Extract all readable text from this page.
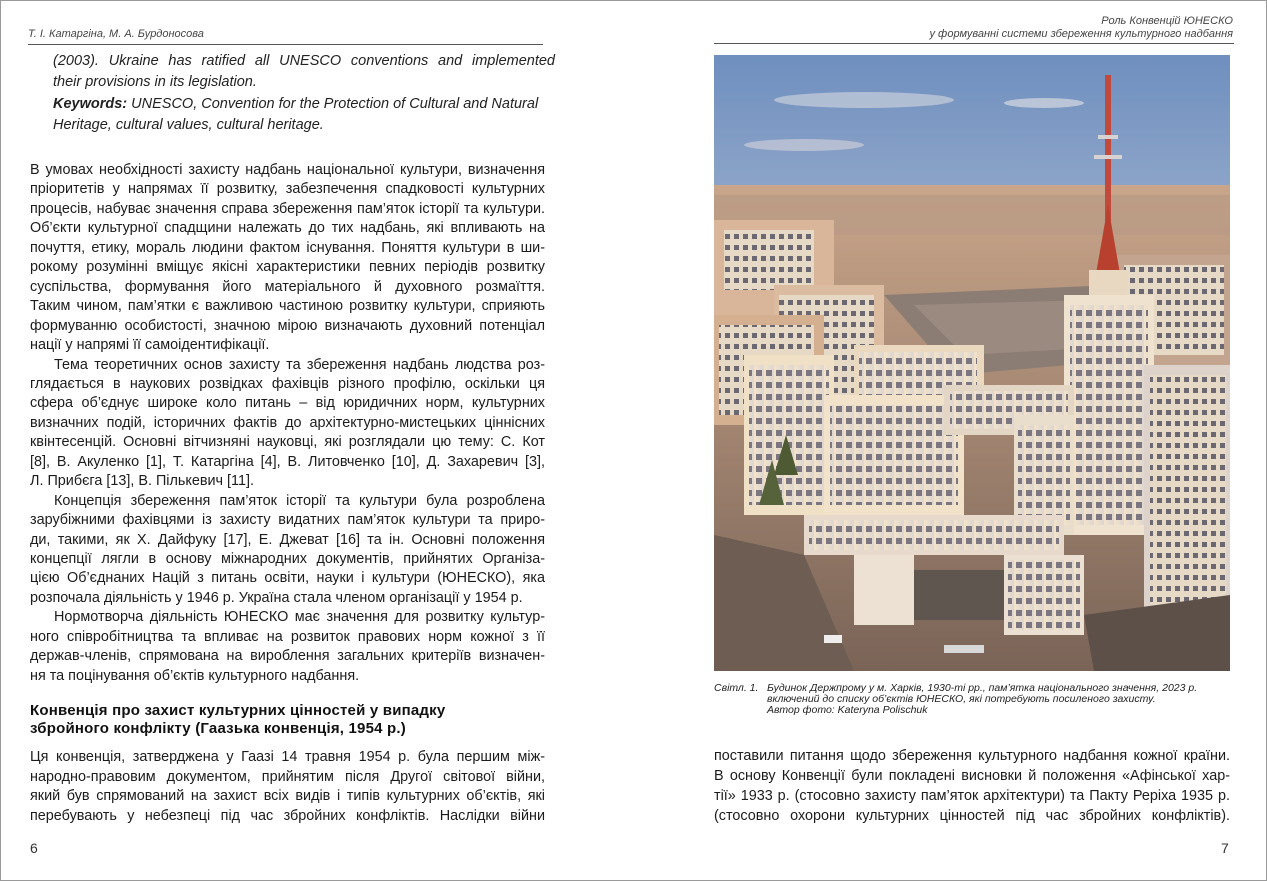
Т. І. Катаргіна, М. А. Бурдоносова
(2003). Ukraine has ratified all UNESCO conventions and implemented
their provisions in its legislation.
Keywords: UNESCO, Convention for the Protection of Cultural and Natural
Heritage, cultural values, cultural heritage.
В умовах необхідності захисту надбань національної культури, визначення
пріоритетів у напрямах її розвитку, забезпечення спадковості культурних
процесів, набуває значення справа збереження пам’яток історії та культури.
Об’єкти культурної спадщини належать до тих надбань, які впливають на
почуття, етику, мораль людини фактом існування. Поняття культури в ши-
рокому розумінні вміщує якісні характеристики певних періодів розвитку
суспільства, формування його матеріального й духовного розмаїття.
Таким чином, пам’ятки є важливою частиною розвитку культури, сприяють
формуванню особистості, значною мірою визначають духовний потенціал
нації у напрямі її самоідентифікації.
Тема теоретичних основ захисту та збереження надбань людства роз-
глядається в наукових розвідках фахівців різного профілю, оскільки ця
сфера об’єднує широке коло питань – від юридичних норм, культурних
визначних подій, історичних фактів до архітектурно-мистецьких ціннісних
квінтесенцій. Основні вітчизняні науковці, які розглядали цю тему: С. Кот
[8], В. Акуленко [1], Т. Катаргіна [4], В. Литовченко [10], Д. Захаревич [3],
Л. Прибєга [13], В. Пількевич [11].
Концепція збереження пам’яток історії та культури була розроблена
зарубіжними фахівцями із захисту видатних пам’яток культури та приро-
ди, такими, як Х. Дайфуку [17], Е. Джеват [16] та ін. Основні положення
концепції лягли в основу міжнародних документів, прийнятих Організа-
цією Об’єднаних Націй з питань освіти, науки і культури (ЮНЕСКО), яка
розпочала діяльність у 1946 р. Україна стала членом організації у 1954 р.
Нормотворча діяльність ЮНЕСКО має значення для розвитку культур-
ного співробітництва та впливає на розвиток правових норм кожної з її
держав-членів, спрямована на вироблення загальних критеріїв визначен-
ня та поцінування об’єктів культурного надбання.
Конвенція про захист культурних цінностей у випадку
збройного конфлікту (Гаазька конвенція, 1954 р.)
Ця конвенція, затверджена у Гаазі 14 травня 1954 р. була першим між-
народно-правовим документом, прийнятим після Другої світової війни,
який був спрямований на захист всіх видів і типів культурних об’єктів, які
перебувають у небезпеці під час збройних конфліктів. Наслідки війни
6
Роль Конвенцій ЮНЕСКО
у формуванні системи збереження культурного надбання
Світл. 1. Будинок Держпрому у м. Харків, 1930-ті рр., пам’ятка національного значення, 2023 р.
включений до списку об’єктів ЮНЕСКО, які потребують посиленого захисту.
Автор фото: Kateryna Polischuk
поставили питання щодо збереження культурного надбання кожної країни.
В основу Конвенції були покладені висновки й положення «Афінської хар-
тії» 1933 р. (стосовно захисту пам’яток архітектури) та Пакту Реріха 1935 р.
(стосовно охорони культурних цінностей під час збройних конфліктів).
7
